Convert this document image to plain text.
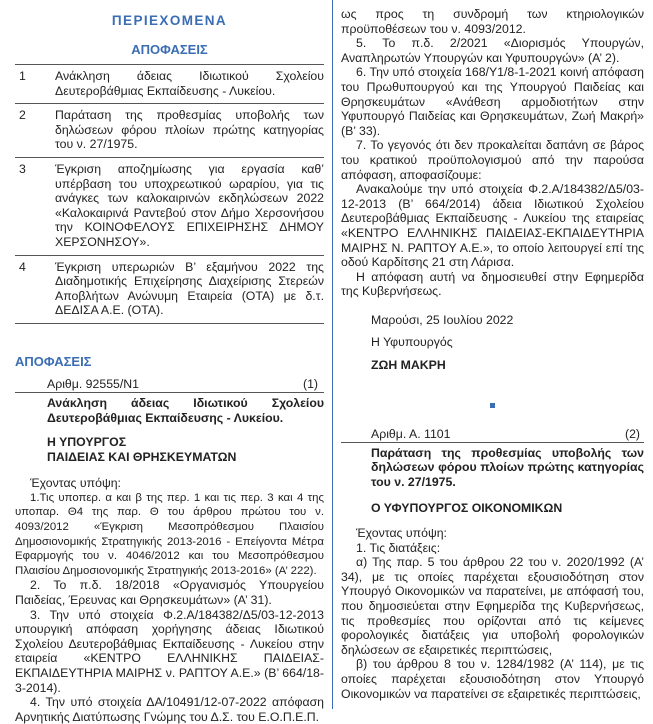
ΠΕΡΙΕΧΟΜΕΝΑ
ΑΠΟΦΑΣΕΙΣ
1	Ανάκληση άδειας Ιδιωτικού Σχολείου Δευτεροβάθμιας Εκπαίδευσης - Λυκείου.
2	Παράταση της προθεσμίας υποβολής των δηλώσεων φόρου πλοίων πρώτης κατηγορίας του ν. 27/1975.
3	Έγκριση αποζημίωσης για εργασία καθ’ υπέρβαση του υποχρεωτικού ωραρίου, για τις ανάγκες των καλοκαιρινών εκδηλώσεων 2022 «Καλοκαιρινά Ραντεβού στον Δήμο Χερσονήσου την ΚΟΙΝΟΦΕΛΟΥΣ ΕΠΙΧΕΙΡΗΣΗΣ ΔΗΜΟΥ ΧΕΡΣΟΝΗΣΟΥ».
4	Έγκριση υπερωριών Β’ εξαμήνου 2022 της Διαδημοτικής Επιχείρησης Διαχείρισης Στερεών Αποβλήτων Ανώνυμη Εταιρεία (ΟΤΑ) με δ.τ. ΔΕΔΙΣΑ Α.Ε. (ΟΤΑ).
ΑΠΟΦΑΣΕΙΣ
Αριθμ. 92555/Ν1	(1)
Ανάκληση άδειας Ιδιωτικού Σχολείου Δευτεροβάθμιας Εκπαίδευσης - Λυκείου.
Η ΥΠΟΥΡΓΟΣ
ΠΑΙΔΕΙΑΣ ΚΑΙ ΘΡΗΣΚΕΥΜΑΤΩΝ

Έχοντας υπόψη:

1.Τις υποπερ. α και β της περ. 1 και τις περ. 3 και 4 της υποπαρ. Θ4 της παρ. Θ του άρθρου πρώτου του ν. 4093/2012 «Έγκριση Μεσοπρόθεσμου Πλαισίου Δημοσιονομικής Στρατηγικής 2013-2016 - Επείγοντα Μέτρα Εφαρμογής του ν. 4046/2012 και του Μεσοπρόθεσμου Πλαισίου Δημοσιονομικής Στρατηγικής 2013-2016» (Α’ 222).

2. Το π.δ. 18/2018 «Οργανισμός Υπουργείου Παιδείας, Έρευνας και Θρησκευμάτων» (Α’ 31).

3. Την υπό στοιχεία Φ.2.Α/184382/Δ5/03-12-2013 υπουργική απόφαση χορήγησης άδειας Ιδιωτικού Σχολείου Δευτεροβάθμιας Εκπαίδευσης - Λυκείου στην εταιρεία «ΚΕΝΤΡΟ ΕΛΛΗΝΙΚΗΣ ΠΑΙΔΕΙΑΣ- ΕΚΠΑΙΔΕΥΤΗΡΙΑ ΜΑΙΡΗΣ ν. ΡΑΠΤΟΥ Α.Ε.» (Β’ 664/18-3-2014).

4. Την υπό στοιχεία ΔΑ/10491/12-07-2022 απόφαση Αρνητικής Διατύπωσης Γνώμης του Δ.Σ. του Ε.Ο.Π.Ε.Π.

ως προς τη συνδρομή των κτηριολογικών προϋποθέσεων του ν. 4093/2012.

5. Το π.δ. 2/2021 «Διορισμός Υπουργών, Αναπληρωτών Υπουργών και Υφυπουργών» (Α’ 2).

6. Την υπό στοιχεία 168/Υ1/8-1-2021 κοινή απόφαση του Πρωθυπουργού και της Υπουργού Παιδείας και Θρησκευμάτων «Ανάθεση αρμοδιοτήτων στην Υφυπουργό Παιδείας και Θρησκευμάτων, Ζωή Μακρή» (Β’ 33).

7. Το γεγονός ότι δεν προκαλείται δαπάνη σε βάρος του κρατικού προϋπολογισμού από την παρούσα απόφαση, αποφασίζουμε:

Ανακαλούμε την υπό στοιχεία Φ.2.Α/184382/Δ5/03-12-2013 (Β’ 664/2014) άδεια Ιδιωτικού Σχολείου Δευτεροβάθμιας Εκπαίδευσης - Λυκείου της εταιρείας «ΚΕΝΤΡΟ ΕΛΛΗΝΙΚΗΣ ΠΑΙΔΕΙΑΣ-ΕΚΠΑΙΔΕΥΤΗΡΙΑ ΜΑΙΡΗΣ Ν. ΡΑΠΤΟΥ Α.Ε.», το οποίο λειτουργεί επί της οδού Καρδίτσης 21 στη Λάρισα.

Η απόφαση αυτή να δημοσιευθεί στην Εφημερίδα της Κυβερνήσεως.

Μαρούσι, 25 Ιουλίου 2022
Η Υφυπουργός
ΖΩΗ ΜΑΚΡΗ
Αριθμ. Α. 1101	(2)
Παράταση της προθεσμίας υποβολής των δηλώσεων φόρου πλοίων πρώτης κατηγορίας του ν. 27/1975.
Ο ΥΦΥΠΟΥΡΓΟΣ ΟΙΚΟΝΟΜΙΚΩΝ

Έχοντας υπόψη:

1. Τις διατάξεις:

α) Της παρ. 5 του άρθρου 22 του ν. 2020/1992 (Α’ 34), με τις οποίες παρέχεται εξουσιοδότηση στον Υπουργό Οικονομικών να παρατείνει, με απόφασή του, που δημοσιεύεται στην Εφημερίδα της Κυβερνήσεως, τις προθεσμίες που ορίζονται από τις κείμενες φορολογικές διατάξεις για υποβολή φορολογικών δηλώσεων σε εξαιρετικές περιπτώσεις,

β) του άρθρου 8 του ν. 1284/1982 (Α’ 114), με τις οποίες παρέχεται εξουσιοδότηση στον Υπουργό Οικονομικών να παρατείνει σε εξαιρετικές περιπτώσεις,
